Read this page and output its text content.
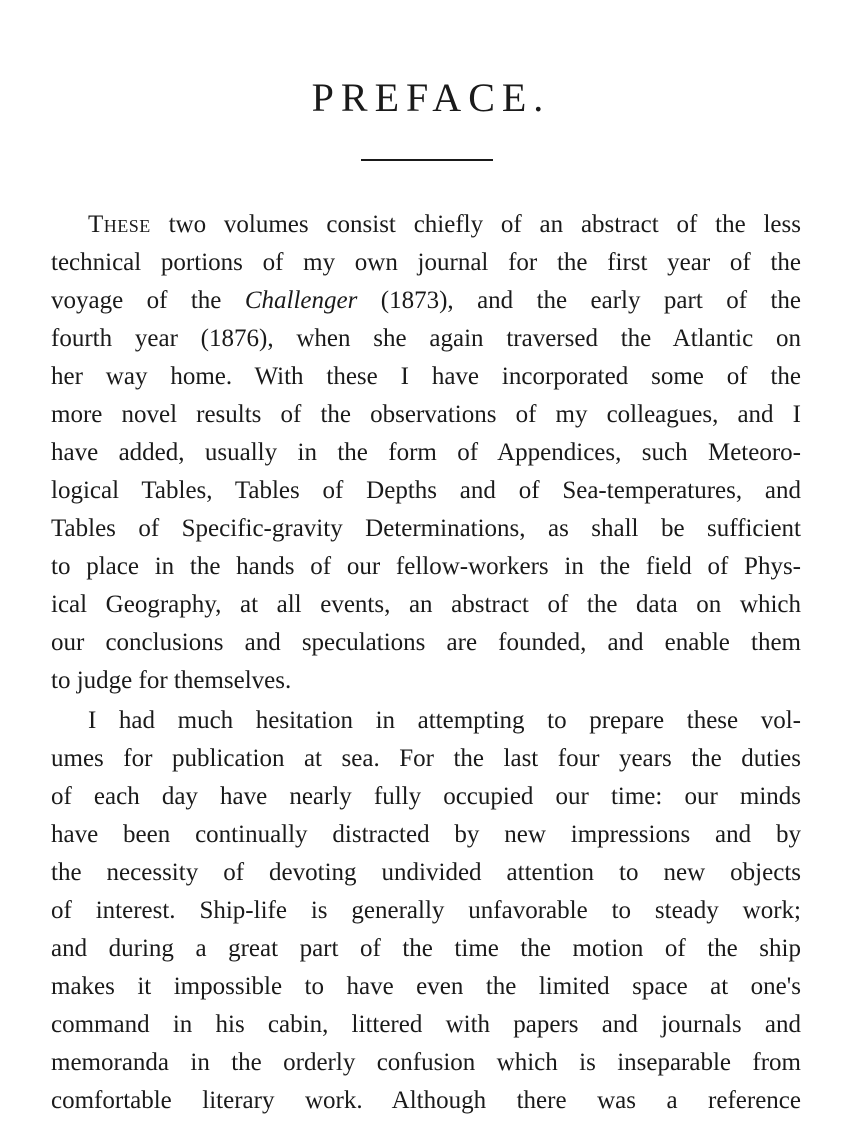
PREFACE.

These two volumes consist chiefly of an abstract of the less

technical portions of my own journal for the first year of the

voyage of the Challenger (1873), and the early part of the

fourth year (1876), when she again traversed the Atlantic on

her way home. With these I have incorporated some of the

more novel results of the observations of my colleagues, and I

have added, usually in the form of Appendices, such Meteoro-

logical Tables, Tables of Depths and of Sea-temperatures, and

Tables of Specific-gravity Determinations, as shall be sufficient

to place in the hands of our fellow-workers in the field of Phys-

ical Geography, at all events, an abstract of the data on which

our conclusions and speculations are founded, and enable them

to judge for themselves.

I had much hesitation in attempting to prepare these vol-

umes for publication at sea. For the last four years the duties

of each day have nearly fully occupied our time: our minds

have been continually distracted by new impressions and by

the necessity of devoting undivided attention to new objects

of interest. Ship-life is generally unfavorable to steady work;

and during a great part of the time the motion of the ship

makes it impossible to have even the limited space at one's

command in his cabin, littered with papers and journals and

memoranda in the orderly confusion which is inseparable from

comfortable literary work. Although there was a reference
